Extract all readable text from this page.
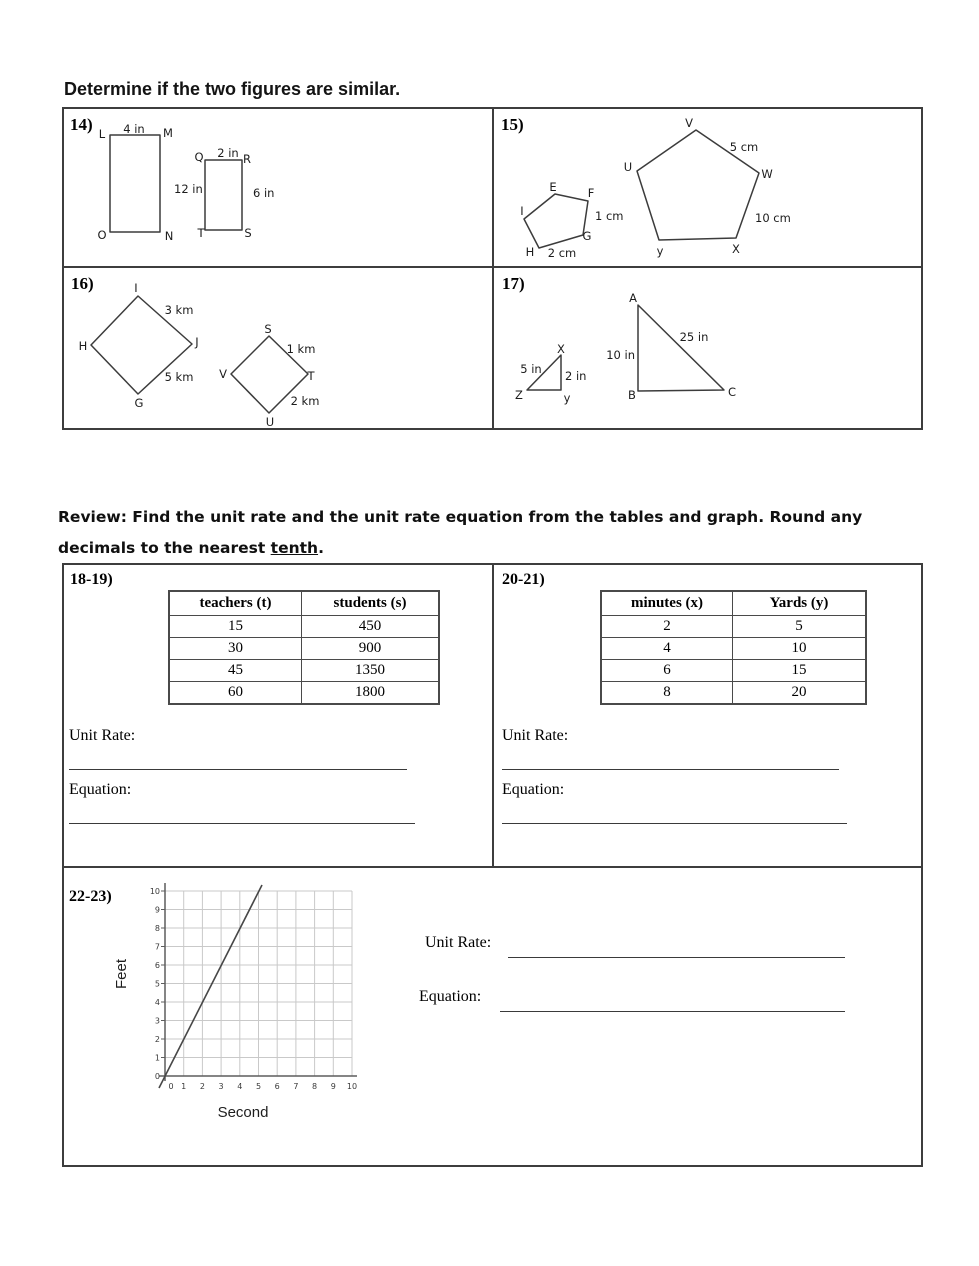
Determine if the two figures are similar.
14) L 4 in M
12 in
O	N
Q 2 in R
6 in
T	S
15)
E	F
I	1 cm
G
H 2 cm
U
V
5 cm
W
10 cm
X
y
16)	I
3 km
J
5 km
G
H
S
1 km
T
2 km
U
V
17)
X
5 in 2 in
Z	y
A
10 in
25 in
B	C
Review: Find the unit rate and the unit rate equation from the tables and graph. Round any
decimals to the nearest tenth.
18-19)
teachers (t)	students (s)
15	450
30	900
45	1350
60	1800
Unit Rate:
Equation:
20-21)
minutes (x)	Yards (y)
2	5
4	10
6	15
8	20
Unit Rate:
Equation:
22-23)
0
1
2
3
4
5
6
7
8
9
10
0 1 2 3 4 5 6 7 8 9 10
Feet
Second
Unit Rate:
Equation:
